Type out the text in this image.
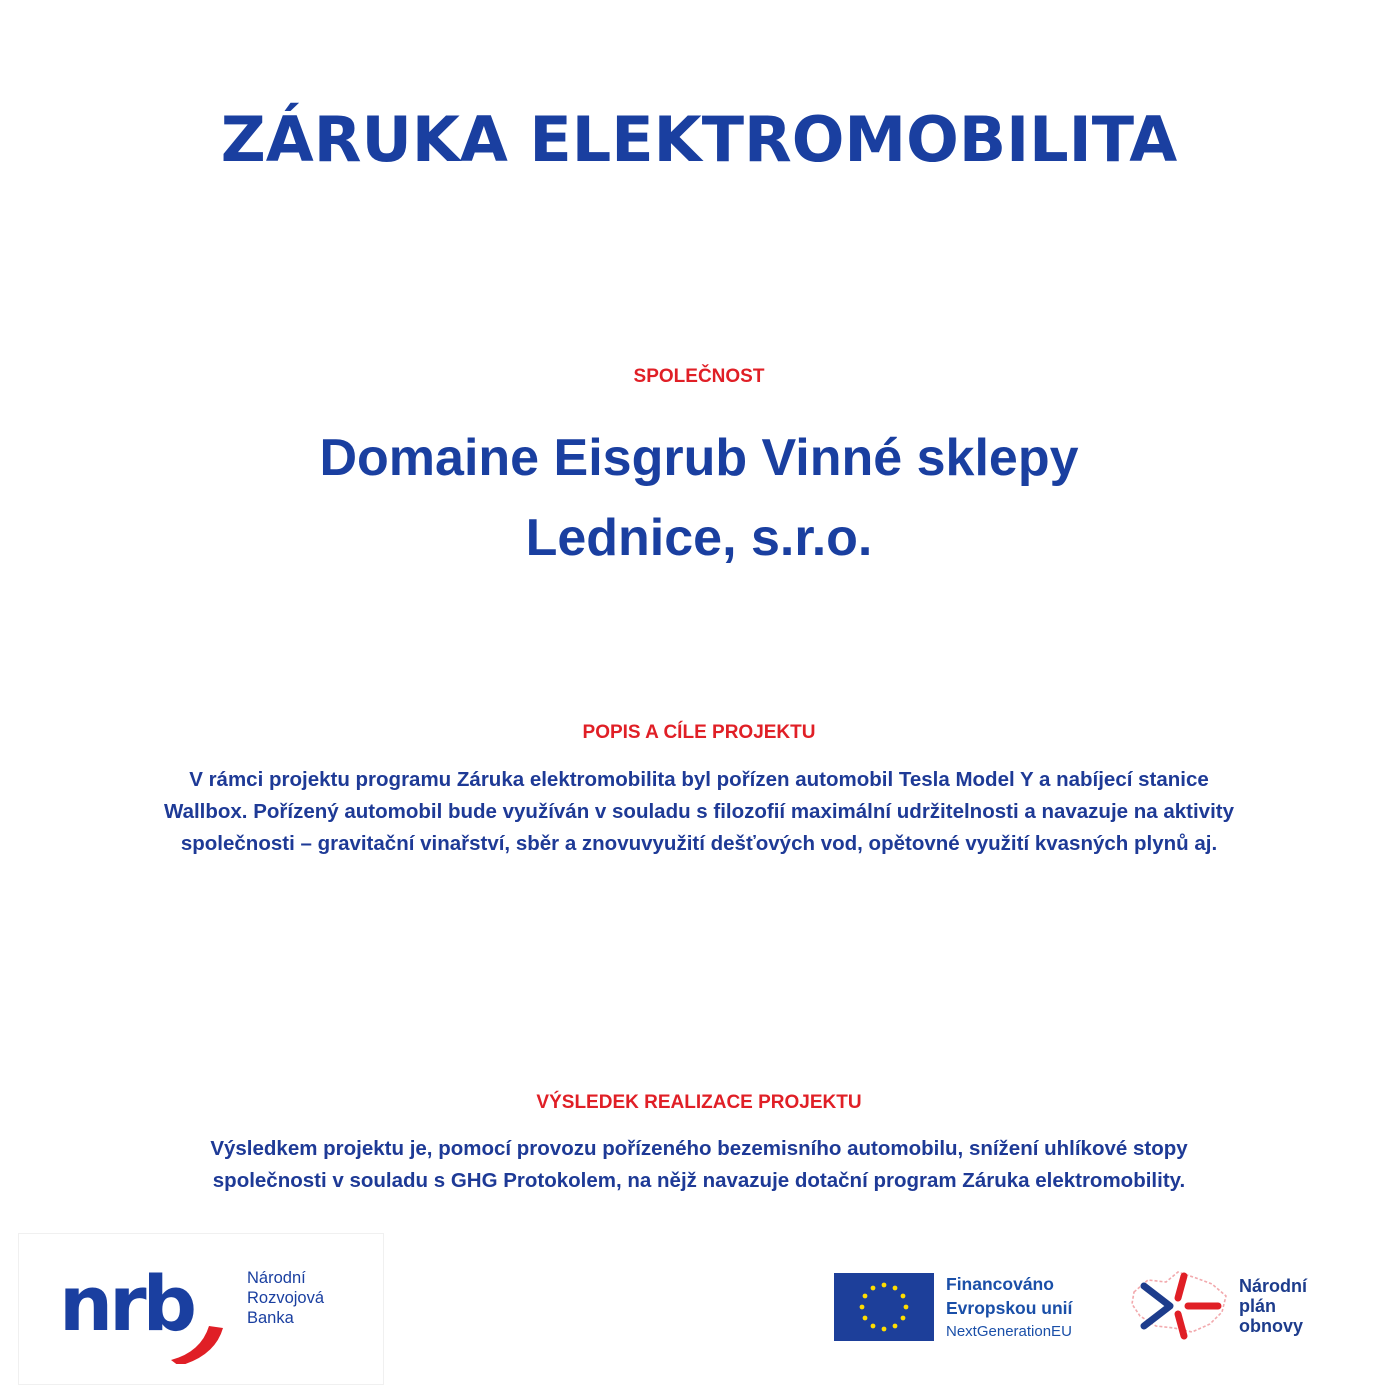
ZÁRUKA ELEKTROMOBILITA
SPOLEČNOST
Domaine Eisgrub Vinné sklepy
Lednice, s.r.o.
POPIS A CÍLE PROJEKTU
V rámci projektu programu Záruka elektromobilita byl pořízen automobil Tesla Model Y a nabíjecí stanice Wallbox. Pořízený automobil bude využíván v souladu s filozofií maximální udržitelnosti a navazuje na aktivity společnosti – gravitační vinařství, sběr a znovuvyužití dešťových vod, opětovné využití kvasných plynů aj.
VÝSLEDEK REALIZACE PROJEKTU
Výsledkem projektu je, pomocí provozu pořízeného bezemisního automobilu, snížení uhlíkové stopy společnosti v souladu s GHG Protokolem, na nějž navazuje dotační program Záruka elektromobility.
nrb	Národní
Rozvojová
Banka
Financováno
Evropskou unií
NextGenerationEU
Národní
plán
obnovy
